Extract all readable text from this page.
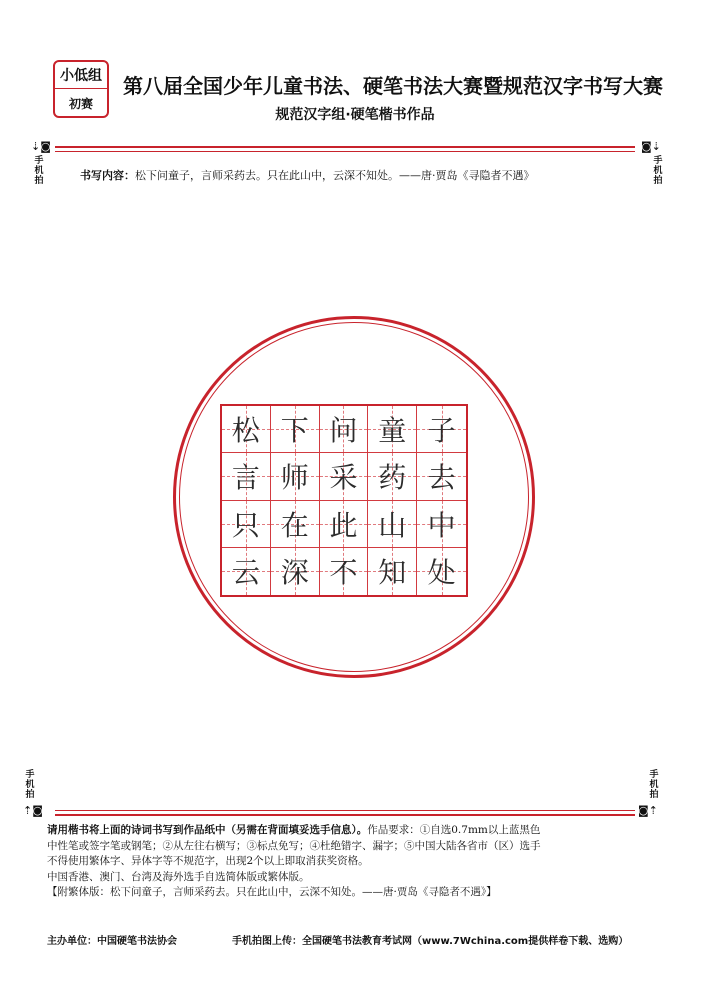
小低组
初赛
第八届全国少年儿童书法、硬笔书法大赛暨规范汉字书写大赛
规范汉字组·硬笔楷书作品
⇣◙
手机拍
◙⇣
手机拍
书写内容：松下问童子，言师采药去。只在此山中，云深不知处。——唐·贾岛《寻隐者不遇》
松 下 问 童 子
言 师 采 药 去
只 在 此 山 中
云 深 不 知 处
手机拍
⇡◙
手机拍
◙⇡
请用楷书将上面的诗词书写到作品纸中（另需在背面填妥选手信息）。作品要求：①自选0.7mm以上蓝黑色
中性笔或签字笔或钢笔；②从左往右横写；③标点免写；④杜绝错字、漏字；⑤中国大陆各省市（区）选手
不得使用繁体字、异体字等不规范字，出现2个以上即取消获奖资格。
中国香港、澳门、台湾及海外选手自选简体版或繁体版。
【附繁体版：松下问童子，言师采药去。只在此山中，云深不知处。——唐·贾岛《寻隐者不遇》】
主办单位：中国硬笔书法协会	手机拍图上传：全国硬笔书法教育考试网（www.7Wchina.com提供样卷下载、选购）
